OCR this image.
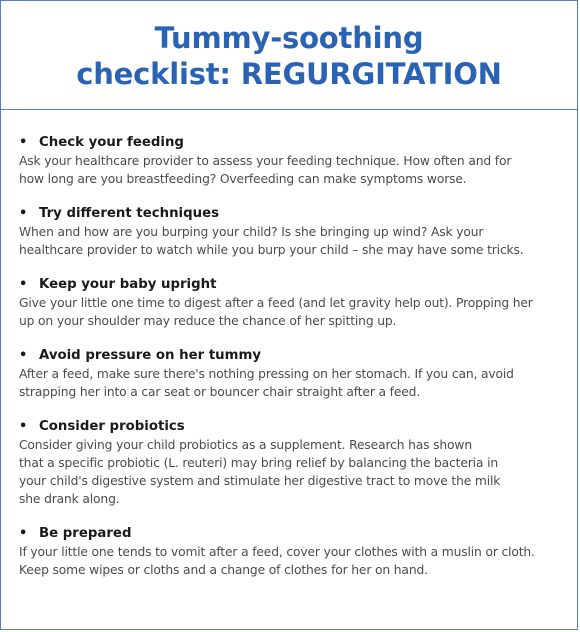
Tummy-soothing
checklist: REGURGITATION
• Check your feeding
Ask your healthcare provider to assess your feeding technique. How often and for
how long are you breastfeeding? Overfeeding can make symptoms worse.
• Try different techniques
When and how are you burping your child? Is she bringing up wind? Ask your
healthcare provider to watch while you burp your child – she may have some tricks.
• Keep your baby upright
Give your little one time to digest after a feed (and let gravity help out). Propping her
up on your shoulder may reduce the chance of her spitting up.
• Avoid pressure on her tummy
After a feed, make sure there's nothing pressing on her stomach. If you can, avoid
strapping her into a car seat or bouncer chair straight after a feed.
• Consider probiotics
Consider giving your child probiotics as a supplement. Research has shown
that a specific probiotic (L. reuteri) may bring relief by balancing the bacteria in
your child's digestive system and stimulate her digestive tract to move the milk
she drank along.
• Be prepared
If your little one tends to vomit after a feed, cover your clothes with a muslin or cloth.
Keep some wipes or cloths and a change of clothes for her on hand.
